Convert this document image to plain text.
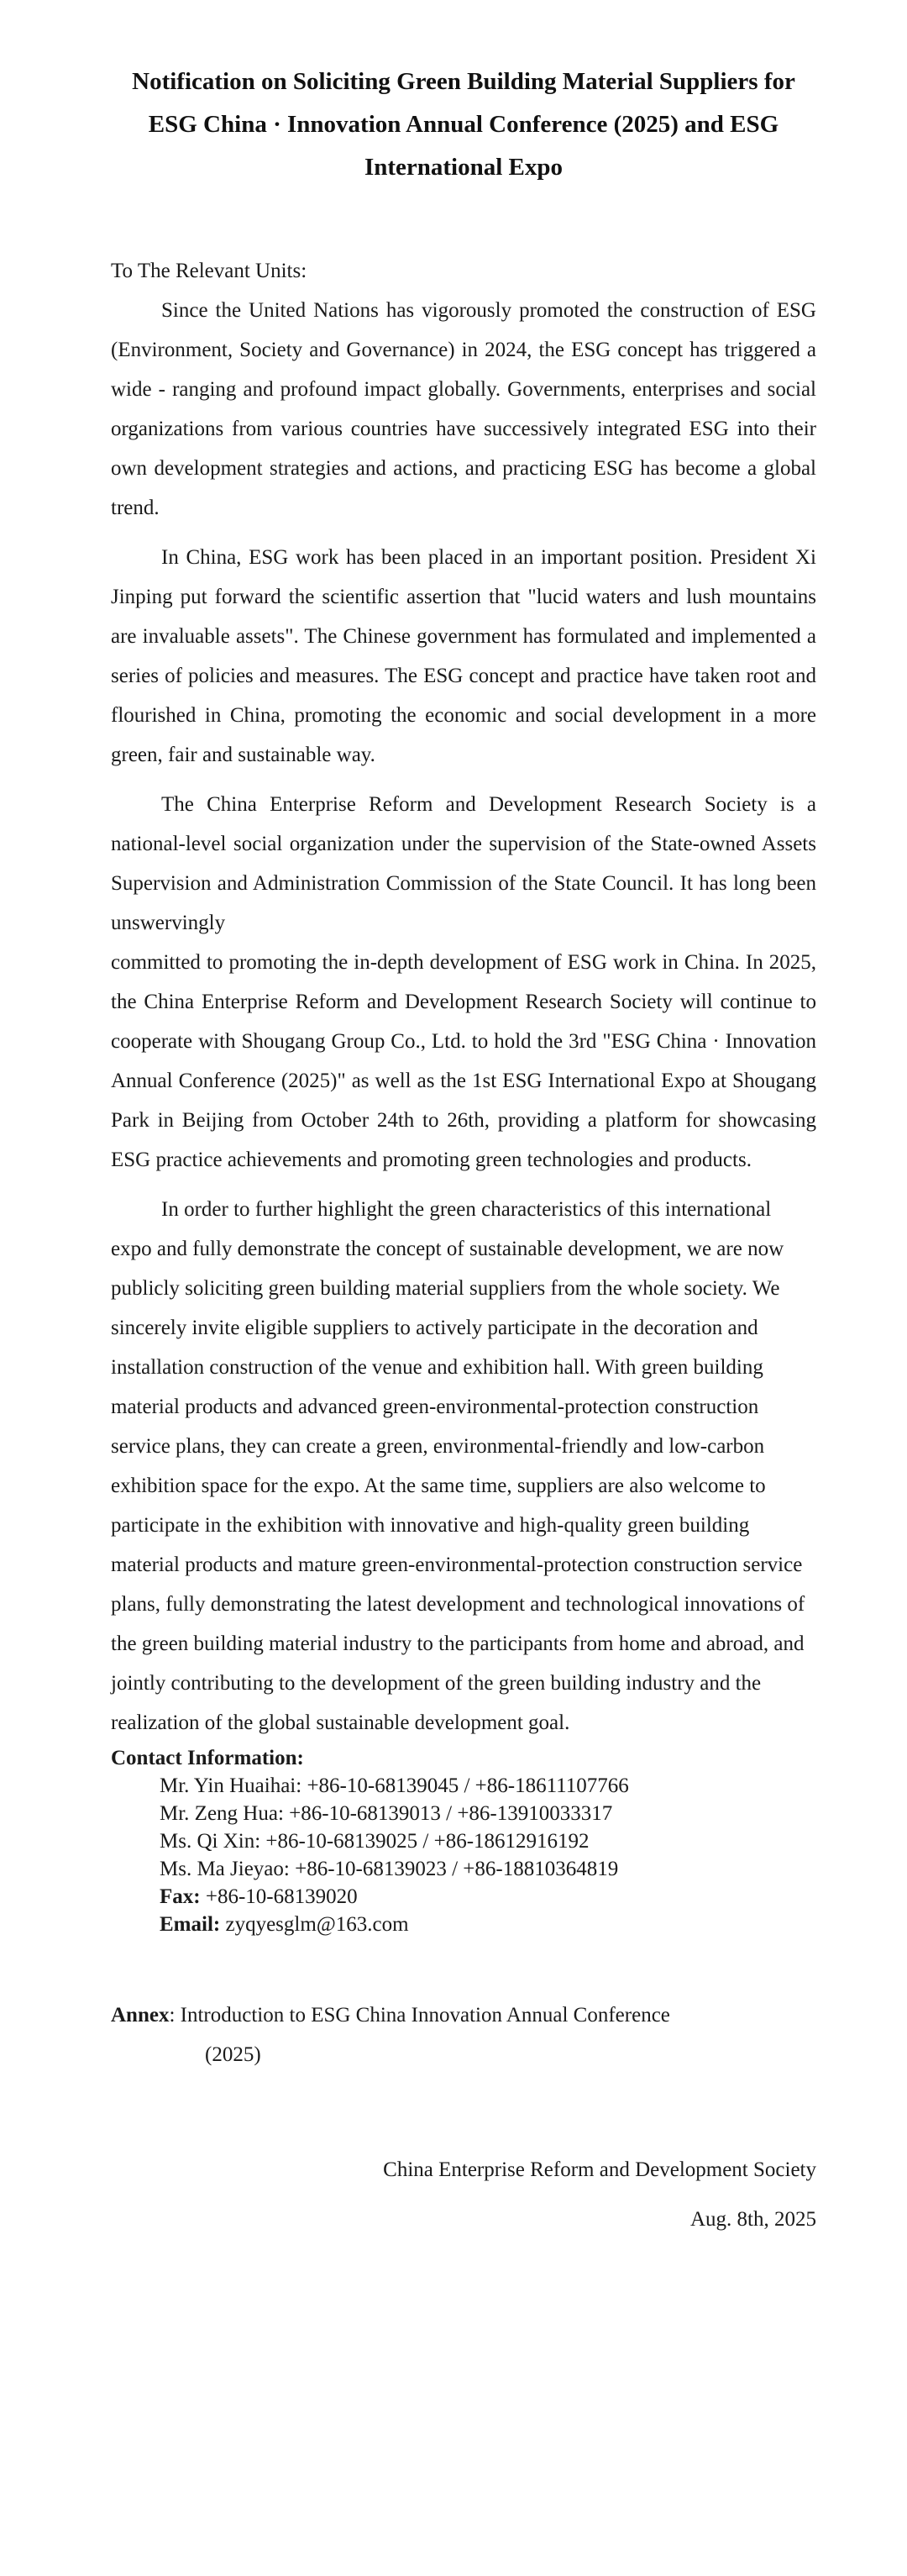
Notification on Soliciting Green Building Material Suppliers for ESG China · Innovation Annual Conference (2025) and ESG International Expo

To The Relevant Units:

Since the United Nations has vigorously promoted the construction of ESG (Environment, Society and Governance) in 2024, the ESG concept has triggered a wide - ranging and profound impact globally. Governments, enterprises and social organizations from various countries have successively integrated ESG into their own development strategies and actions, and practicing ESG has become a global trend.

In China, ESG work has been placed in an important position. President Xi Jinping put forward the scientific assertion that "lucid waters and lush mountains are invaluable assets". The Chinese government has formulated and implemented a series of policies and measures. The ESG concept and practice have taken root and flourished in China, promoting the economic and social development in a more green, fair and sustainable way.

The China Enterprise Reform and Development Research Society is a national-level social organization under the supervision of the State-owned Assets Supervision and Administration Commission of the State Council. It has long been unswervingly

committed to promoting the in-depth development of ESG work in China. In 2025, the China Enterprise Reform and Development Research Society will continue to cooperate with Shougang Group Co., Ltd. to hold the 3rd "ESG China · Innovation Annual Conference (2025)" as well as the 1st ESG International Expo at Shougang Park in Beijing from October 24th to 26th, providing a platform for showcasing ESG practice achievements and promoting green technologies and products.

In order to further highlight the green characteristics of this international expo and fully demonstrate the concept of sustainable development, we are now publicly soliciting green building material suppliers from the whole society. We sincerely invite eligible suppliers to actively participate in the decoration and installation construction of the venue and exhibition hall. With green building material products and advanced green-environmental-protection construction service plans, they can create a green, environmental-friendly and low-carbon exhibition space for the expo. At the same time, suppliers are also welcome to participate in the exhibition with innovative and high-quality green building material products and mature green-environmental-protection construction service plans, fully demonstrating the latest development and technological innovations of the green building material industry to the participants from home and abroad, and jointly contributing to the development of the green building industry and the realization of the global sustainable development goal.

Contact Information:
Mr. Yin Huaihai: +86-10-68139045 / +86-18611107766
Mr. Zeng Hua: +86-10-68139013 / +86-13910033317
Ms. Qi Xin: +86-10-68139025 / +86-18612916192
Ms. Ma Jieyao: +86-10-68139023 / +86-18810364819
Fax: +86-10-68139020
Email: zyqyesglm@163.com
Annex: Introduction to ESG China Innovation Annual Conference
(2025)
China Enterprise Reform and Development Society
Aug. 8th, 2025
